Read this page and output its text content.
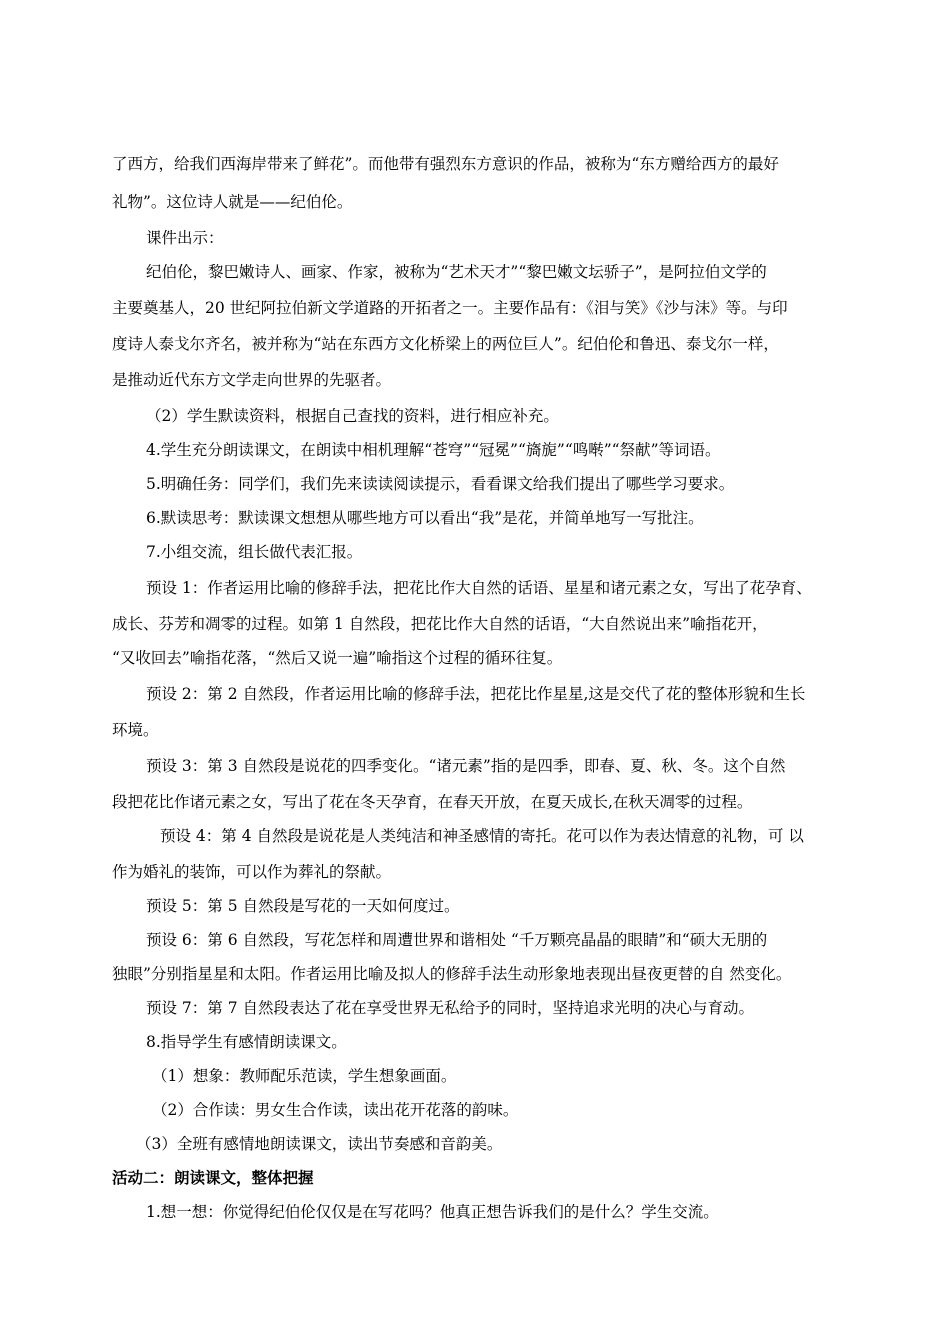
了西方，给我们西海岸带来了鲜花”。而他带有强烈东方意识的作品，被称为“东方赠给西方的最好
礼物”。这位诗人就是——纪伯伦。
课件出示：
纪伯伦，黎巴嫩诗人、画家、作家，被称为“艺术天才”“黎巴嫩文坛骄子”，是阿拉伯文学的
主要奠基人，20 世纪阿拉伯新文学道路的开拓者之一。主要作品有：《泪与笑》《沙与沫》等。与印
度诗人泰戈尔齐名，被并称为“站在东西方文化桥梁上的两位巨人”。纪伯伦和鲁迅、泰戈尔一样，
是推动近代东方文学走向世界的先驱者。
（2）学生默读资料，根据自己查找的资料，进行相应补充。
4.学生充分朗读课文，在朗读中相机理解“苍穹”“冠冕”“旖旎”“鸣啭”“祭献”等词语。
5.明确任务：同学们，我们先来读读阅读提示，看看课文给我们提出了哪些学习要求。
6.默读思考：默读课文想想从哪些地方可以看出“我”是花，并简单地写一写批注。
7.小组交流，组长做代表汇报。
预设 1：作者运用比喻的修辞手法，把花比作大自然的话语、星星和诸元素之女，写出了花孕育、
成长、芬芳和凋零的过程。如第 1 自然段，把花比作大自然的话语，“大自然说出来”喻指花开，
“又收回去”喻指花落，“然后又说一遍”喻指这个过程的循环往复。
预设 2：第 2 自然段，作者运用比喻的修辞手法，把花比作星星,这是交代了花的整体形貌和生长
环境。
预设 3：第 3 自然段是说花的四季变化。“诸元素”指的是四季，即春、夏、秋、冬。这个自然
段把花比作诸元素之女，写出了花在冬天孕育，在春天开放，在夏天成长,在秋天凋零的过程。
预设 4：第 4 自然段是说花是人类纯洁和神圣感情的寄托。花可以作为表达情意的礼物，可 以
作为婚礼的装饰，可以作为葬礼的祭献。
预设 5：第 5 自然段是写花的一天如何度过。
预设 6：第 6 自然段，写花怎样和周遭世界和谐相处 “千万颗亮晶晶的眼睛”和“硕大无朋的
独眼”分别指星星和太阳。作者运用比喻及拟人的修辞手法生动形象地表现出昼夜更替的自 然变化。
预设 7：第 7 自然段表达了花在享受世界无私给予的同时，坚持追求光明的决心与育动。
8.指导学生有感情朗读课文。
（1）想象：教师配乐范读，学生想象画面。
（2）合作读：男女生合作读，读出花开花落的韵味。
（3）全班有感情地朗读课文，读出节奏感和音韵美。
活动二：朗读课文，整体把握
1.想一想：你觉得纪伯伦仅仅是在写花吗？他真正想告诉我们的是什么？学生交流。
